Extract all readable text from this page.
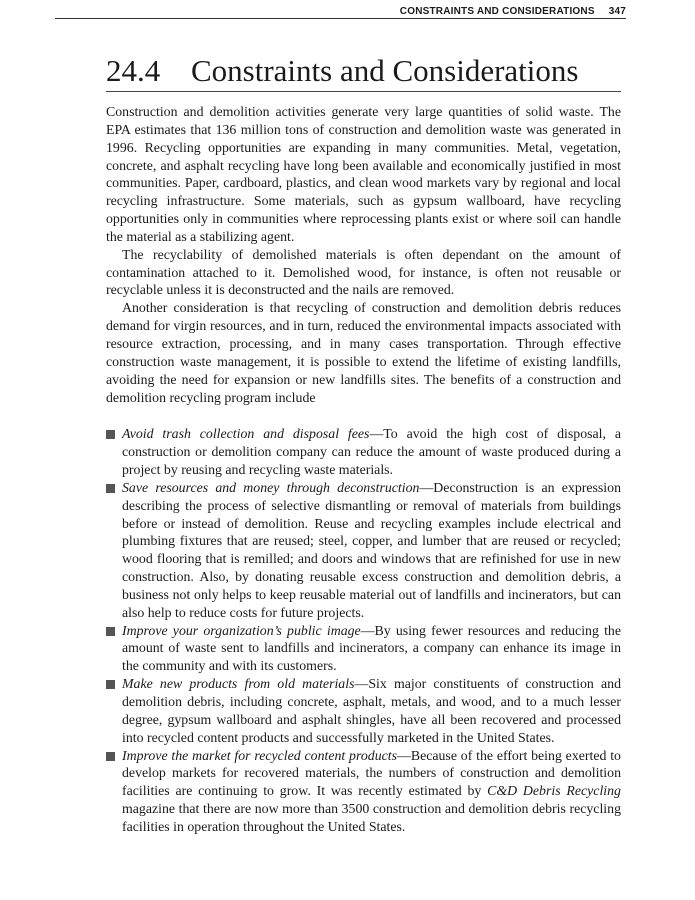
CONSTRAINTS AND CONSIDERATIONS 347
24.4 Constraints and Considerations

Construction and demolition activities generate very large quantities of solid waste. The EPA estimates that 136 million tons of construction and demolition waste was generated in 1996. Recycling opportunities are expanding in many communities. Metal, vegetation, concrete, and asphalt recycling have long been available and economically justified in most communities. Paper, cardboard, plastics, and clean wood markets vary by regional and local recycling infrastructure. Some materials, such as gypsum wallboard, have recycling opportunities only in communities where reprocessing plants exist or where soil can handle the material as a stabilizing agent.

The recyclability of demolished materials is often dependant on the amount of contamination attached to it. Demolished wood, for instance, is often not reusable or recyclable unless it is deconstructed and the nails are removed.

Another consideration is that recycling of construction and demolition debris reduces demand for virgin resources, and in turn, reduced the environmental impacts associated with resource extraction, processing, and in many cases transportation. Through effective construction waste management, it is possible to extend the lifetime of existing landfills, avoiding the need for expansion or new landfills sites. The benefits of a construction and demolition recycling program include

Avoid trash collection and disposal fees—To avoid the high cost of disposal, a construction or demolition company can reduce the amount of waste produced during a project by reusing and recycling waste materials.
Save resources and money through deconstruction—Deconstruction is an expression describing the process of selective dismantling or removal of materials from buildings before or instead of demolition. Reuse and recycling examples include electrical and plumbing fixtures that are reused; steel, copper, and lumber that are reused or recycled; wood flooring that is remilled; and doors and windows that are refinished for use in new construction. Also, by donating reusable excess construction and demolition debris, a business not only helps to keep reusable material out of landfills and incinerators, but can also help to reduce costs for future projects.
Improve your organization’s public image—By using fewer resources and reducing the amount of waste sent to landfills and incinerators, a company can enhance its image in the community and with its customers.
Make new products from old materials—Six major constituents of construction and demolition debris, including concrete, asphalt, metals, and wood, and to a much lesser degree, gypsum wallboard and asphalt shingles, have all been recovered and processed into recycled content products and successfully marketed in the United States.
Improve the market for recycled content products—Because of the effort being exerted to develop markets for recovered materials, the numbers of construction and demolition facilities are continuing to grow. It was recently estimated by C&D Debris Recycling magazine that there are now more than 3500 construction and demolition debris recycling facilities in operation throughout the United States.
